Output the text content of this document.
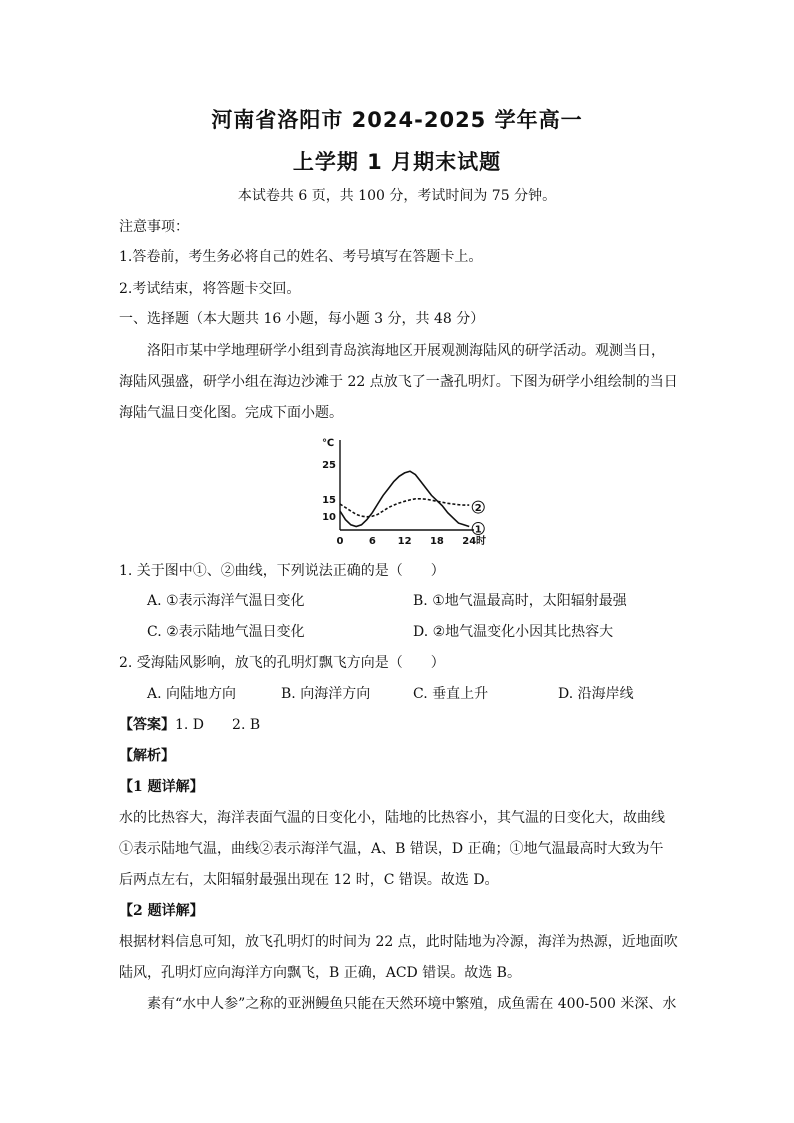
河南省洛阳市 2024-2025 学年高一
上学期 1 月期末试题
本试卷共 6 页，共 100 分，考试时间为 75 分钟。
注意事项：
1.答卷前，考生务必将自己的姓名、考号填写在答题卡上。
2.考试结束，将答题卡交回。
一、选择题（本大题共 16 小题，每小题 3 分，共 48 分）
洛阳市某中学地理研学小组到青岛滨海地区开展观测海陆风的研学活动。观测当日，
海陆风强盛，研学小组在海边沙滩于 22 点放飞了一盏孔明灯。下图为研学小组绘制的当日
海陆气温日变化图。完成下面小题。
℃
时
10
15
25
0	6 12 18 24
1
2
1. 关于图中①、②曲线，下列说法正确的是（　　）
A. ①表示海洋气温日变化	B. ①地气温最高时，太阳辐射最强
C. ②表示陆地气温日变化	D. ②地气温变化小因其比热容大
2. 受海陆风影响，放飞的孔明灯飘飞方向是（　　）
A. 向陆地方向	B. 向海洋方向	C. 垂直上升	D. 沿海岸线
【答案】1. D　　2. B
【解析】
【1 题详解】
水的比热容大，海洋表面气温的日变化小，陆地的比热容小，其气温的日变化大，故曲线
①表示陆地气温，曲线②表示海洋气温，A、B 错误，D 正确；①地气温最高时大致为午
后两点左右，太阳辐射最强出现在 12 时，C 错误。故选 D。
【2 题详解】
根据材料信息可知，放飞孔明灯的时间为 22 点，此时陆地为冷源，海洋为热源，近地面吹
陆风，孔明灯应向海洋方向飘飞，B 正确，ACD 错误。故选 B。
素有“水中人参”之称的亚洲鳗鱼只能在天然环境中繁殖，成鱼需在 400-500 米深、水
